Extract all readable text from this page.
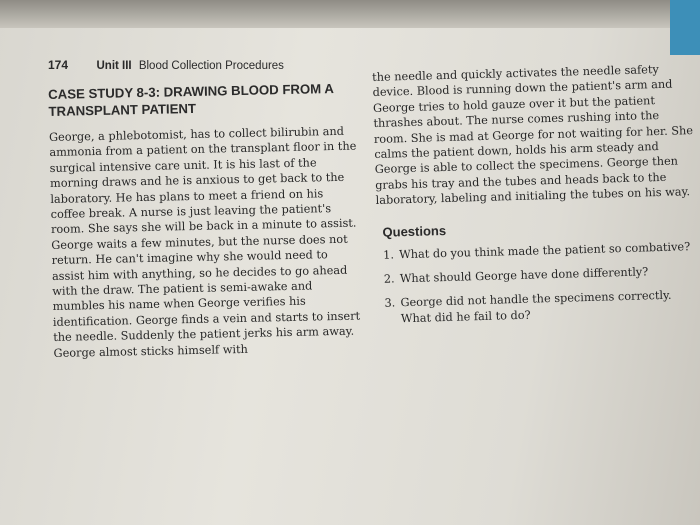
174 Unit III Blood Collection Procedures
CASE STUDY 8-3: DRAWING BLOOD FROM A TRANSPLANT PATIENT

George, a phlebotomist, has to collect bilirubin and ammonia from a patient on the transplant floor in the surgical intensive care unit. It is his last of the morning draws and he is anxious to get back to the laboratory. He has plans to meet a friend on his coffee break. A nurse is just leaving the patient's room. She says she will be back in a minute to assist. George waits a few minutes, but the nurse does not return. He can't imagine why she would need to assist him with anything, so he decides to go ahead with the draw. The patient is semi-awake and mumbles his name when George verifies his identification. George finds a vein and starts to insert the needle. Suddenly the patient jerks his arm away. George almost sticks himself with

the needle and quickly activates the needle safety device. Blood is running down the patient's arm and George tries to hold gauze over it but the patient thrashes about. The nurse comes rushing into the room. She is mad at George for not waiting for her. She calms the patient down, holds his arm steady and George is able to collect the specimens. George then grabs his tray and the tubes and heads back to the laboratory, labeling and initialing the tubes on his way.

Questions
1. What do you think made the patient so combative?
2. What should George have done differently?
3. George did not handle the specimens correctly. What did he fail to do?
